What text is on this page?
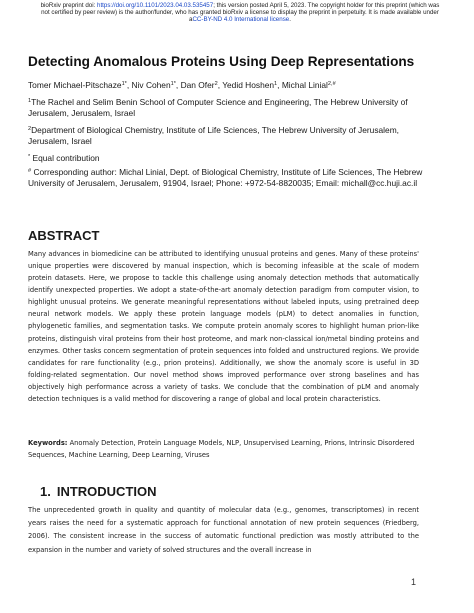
bioRxiv preprint doi: https://doi.org/10.1101/2023.04.03.535457; this version posted April 5, 2023. The copyright holder for this preprint (which was not certified by peer review) is the author/funder, who has granted bioRxiv a license to display the preprint in perpetuity. It is made available under aCC-BY-ND 4.0 International license.
Detecting Anomalous Proteins Using Deep Representations
Tomer Michael-Pitschaze$^{1*}$, Niv Cohen$^{1*}$, Dan Ofer$^2$, Yedid Hoshen$^1$, Michal Linial$^{2,\#}$
$^1$The Rachel and Selim Benin School of Computer Science and Engineering, The Hebrew University of Jerusalem, Jerusalem, Israel
$^2$Department of Biological Chemistry, Institute of Life Sciences, The Hebrew University of Jerusalem, Jerusalem, Israel
* Equal contribution
# Corresponding author: Michal Linial, Dept. of Biological Chemistry, Institute of Life Sciences, The Hebrew University of Jerusalem, Jerusalem, 91904, Israel; Phone: +972-54-8820035; Email: michall@cc.huji.ac.il
ABSTRACT

Many advances in biomedicine can be attributed to identifying unusual proteins and genes. Many of these proteins' unique properties were discovered by manual inspection, which is becoming infeasible at the scale of modern protein datasets. Here, we propose to tackle this challenge using anomaly detection methods that automatically identify unexpected properties. We adopt a state-of-the-art anomaly detection paradigm from computer vision, to highlight unusual proteins. We generate meaningful representations without labeled inputs, using pretrained deep neural network models. We apply these protein language models (pLM) to detect anomalies in function, phylogenetic families, and segmentation tasks. We compute protein anomaly scores to highlight human prion-like proteins, distinguish viral proteins from their host proteome, and mark non-classical ion/metal binding proteins and enzymes. Other tasks concern segmentation of protein sequences into folded and unstructured regions. We provide candidates for rare functionality (e.g., prion proteins). Additionally, we show the anomaly score is useful in 3D folding-related segmentation. Our novel method shows improved performance over strong baselines and has objectively high performance across a variety of tasks. We conclude that the combination of pLM and anomaly detection techniques is a valid method for discovering a range of global and local protein characteristics.

Keywords: Anomaly Detection, Protein Language Models, NLP, Unsupervised Learning, Prions, Intrinsic Disordered Sequences, Machine Learning, Deep Learning, Viruses

1. INTRODUCTION

The unprecedented growth in quality and quantity of molecular data (e.g., genomes, transcriptomes) in recent years raises the need for a systematic approach for functional annotation of new protein sequences (Friedberg, 2006). The consistent increase in the success of automatic functional prediction was mostly attributed to the expansion in the number and variety of solved structures and the overall increase in

1
